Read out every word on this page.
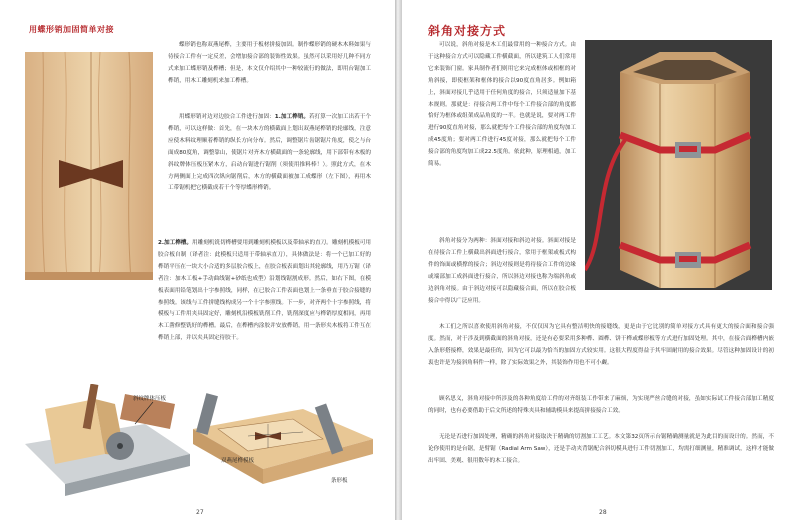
用蝶形销加固简单对接
蝶形销也称双燕尾榫，主要用于板材拼接加固。制作蝶形销的硬木木料如果与待接合工件有一定反差，会增加接合部的装饰性效果。虽然可以采用好几种不同方式来加工蝶形销及榫槽；但是，本文仅介绍其中一种较流行的做法，即用台锯加工榫销，用木工雕刻机来加工榫槽。
用蝶形销对边对边胶合工件进行加固：1.加工榫销。若打算一次加工出若干个榫销，可以这样做：首先，在一块木方的横截面上划出双燕尾榫销的轮廓线，注意应使木料纹理顺着榫销的纵长方向分布。然后，调整锯片齿锯锯片角度，使之与台面成80度角，调整靠山，使锯片对齐木方横截面的一条轮廓线，用下部带有木板的斜纹牌体压板压紧木方，启动台锯进行锯削（须使用推料棒！）。照此方式，在木方两侧面上完成四次纵向锯削后，木方的横截面被加工成蝶形（左下图），再用木工带锯机把它横截成若干个等厚蝶形榫销。
2.加工榫槽。用雕刻机铣切榫槽要用到雕刻机模板以及带轴承的直刀。雕刻机模板可用胶合板自制（译者注：此模板只适用于带轴承直刀），具体做法是：将一个已加工好的榫销平压在一块大小合适的多层胶合板上，在胶合板表面划出其轮廓线，用乃万锯（译者注：加木工板+手动曲线锯+砂纸也成型）沿划线锯割成形。然后，如右下图，在模板表面用铅笔划出十字参照线，同样，在已胶合工件表面也划上一条垂直于胶合接缝的参照线。该线与工件拼缝线构成另一个十字参照线。下一步，对齐两个十字参照线，将模板与工件用夹具固定好，雕刻机沿模板铣削工件，铣削深度应与榫销厚度相同，再用木工凿修整铣好的榫槽。最后，在榫槽内涂胶并安放榫销，用一条形夹木板将工件互在榫销上部，并以夹具固定待胶干。
斜纹牌体压板
双燕尾榫模板
条形板
27
斜角对接方式
可以说，斜角对接是木工们最常用的一种接合方式。由于这种接合方式可以隐藏工件横截面，所以建筑工人们常用它来装饰门窗。家具制作者们则用它来完成框体或相框的对角斜接，即使框架和框体的接合以90度直角居多。例如箱上，斜面对接几乎适用于任何角度的接合，只须适量加下基本规则。那就是：待接合两工件中每个工件接合部的角度都恰好为框体或组架成品角度的一半。也就是说，要对两工件进行90度直角对接，那么就把每个工件接合部的角度均加工成45度角；要对两工件进行45度对接，那么就把每个工件接合部的角度均加工成22.5度角。依此种，原理相通，加工简易。
斜角对接分为两种：斜面对接和斜边对接。斜面对接是在待接合工件上横截出斜面进行接合，常用于框架或板式构件的饰面或横撑的接合；斜边对接则是将待接合工件的边缘或端部加工成斜面进行接合，所以斜边对接也称为端斜角或边斜角对接。由于斜边对接可以隐藏接合面，所以在胶合板接合中得以广泛应用。
木工们之所以喜欢使用斜角对接，不仅仅因为它具有整洁明快的接缝线，更是由于它比别的简单对接方式具有更大的接合面和接合强度。然而，对于涉及到横截面的斜角对接，还是有必要采用多种榫、圆榫、饼干榫或蝶形板等方式进行加固处理。其中，在接合面榫槽内嵌入条形搭接榫，效果是最佳的，因为它可以最为恰当的加固方式较实用。这很大程度得益于其牢固耐用的接合效果。尽管这种加固设计的初衷也许是为接斜角料件一样，除了实际效果之外，其装饰作用也不可小觑。
顾名思义，斜角对接中所涉及的各种角度给工件的对齐组装工作带来了麻烦，为实现严丝合缝的对接，虽如实际试工件接合部加工精度的同时，也有必要借助于后文所述的特殊夹具和辅助模具来提高拼接接合工效。
无论是否进行加固处理，精确的斜角对接取决于精确的切割加工工艺。本文第32页所示台锯精确测量就是为此目的而设计的。然而，不论你使用的是台锯，是臂锯（Radial Arm Saw），还是手动夹背锯配合斜切模具进行工件切割加工，均需打细测量，精准调试，这样才能做出牢固、美观、很用数年的木工接合。
28
